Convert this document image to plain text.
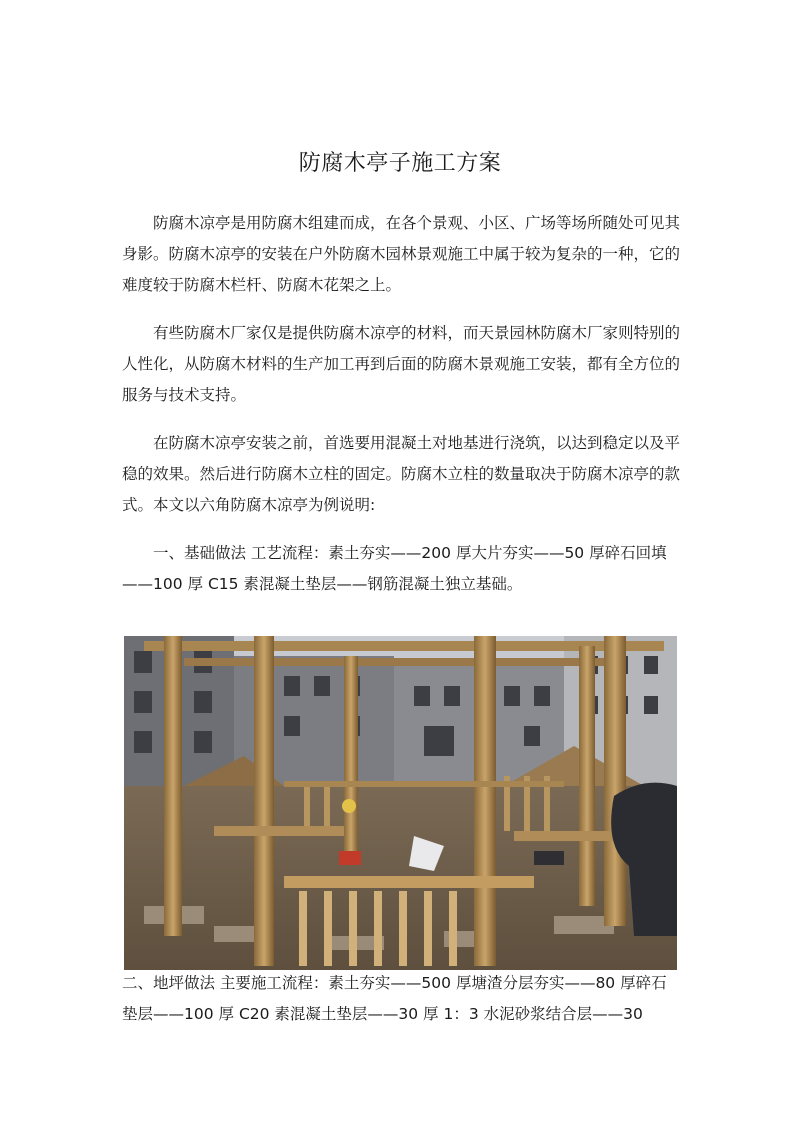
防腐木亭子施工方案

防腐木凉亭是用防腐木组建而成，在各个景观、小区、广场等场所随处可见其身影。防腐木凉亭的安装在户外防腐木园林景观施工中属于较为复杂的一种，它的难度较于防腐木栏杆、防腐木花架之上。

有些防腐木厂家仅是提供防腐木凉亭的材料，而天景园林防腐木厂家则特别的人性化，从防腐木材料的生产加工再到后面的防腐木景观施工安装，都有全方位的服务与技术支持。

在防腐木凉亭安装之前，首选要用混凝土对地基进行浇筑，以达到稳定以及平稳的效果。然后进行防腐木立柱的固定。防腐木立柱的数量取决于防腐木凉亭的款式。本文以六角防腐木凉亭为例说明:

一、基础做法 工艺流程：素土夯实——200 厚大片夯实——50 厚碎石回填——100 厚 C15 素混凝土垫层——钢筋混凝土独立基础。

二、地坪做法 主要施工流程：素土夯实——500 厚塘渣分层夯实——80 厚碎石垫层——100 厚 C20 素混凝土垫层——30 厚 1：3 水泥砂浆结合层——30
